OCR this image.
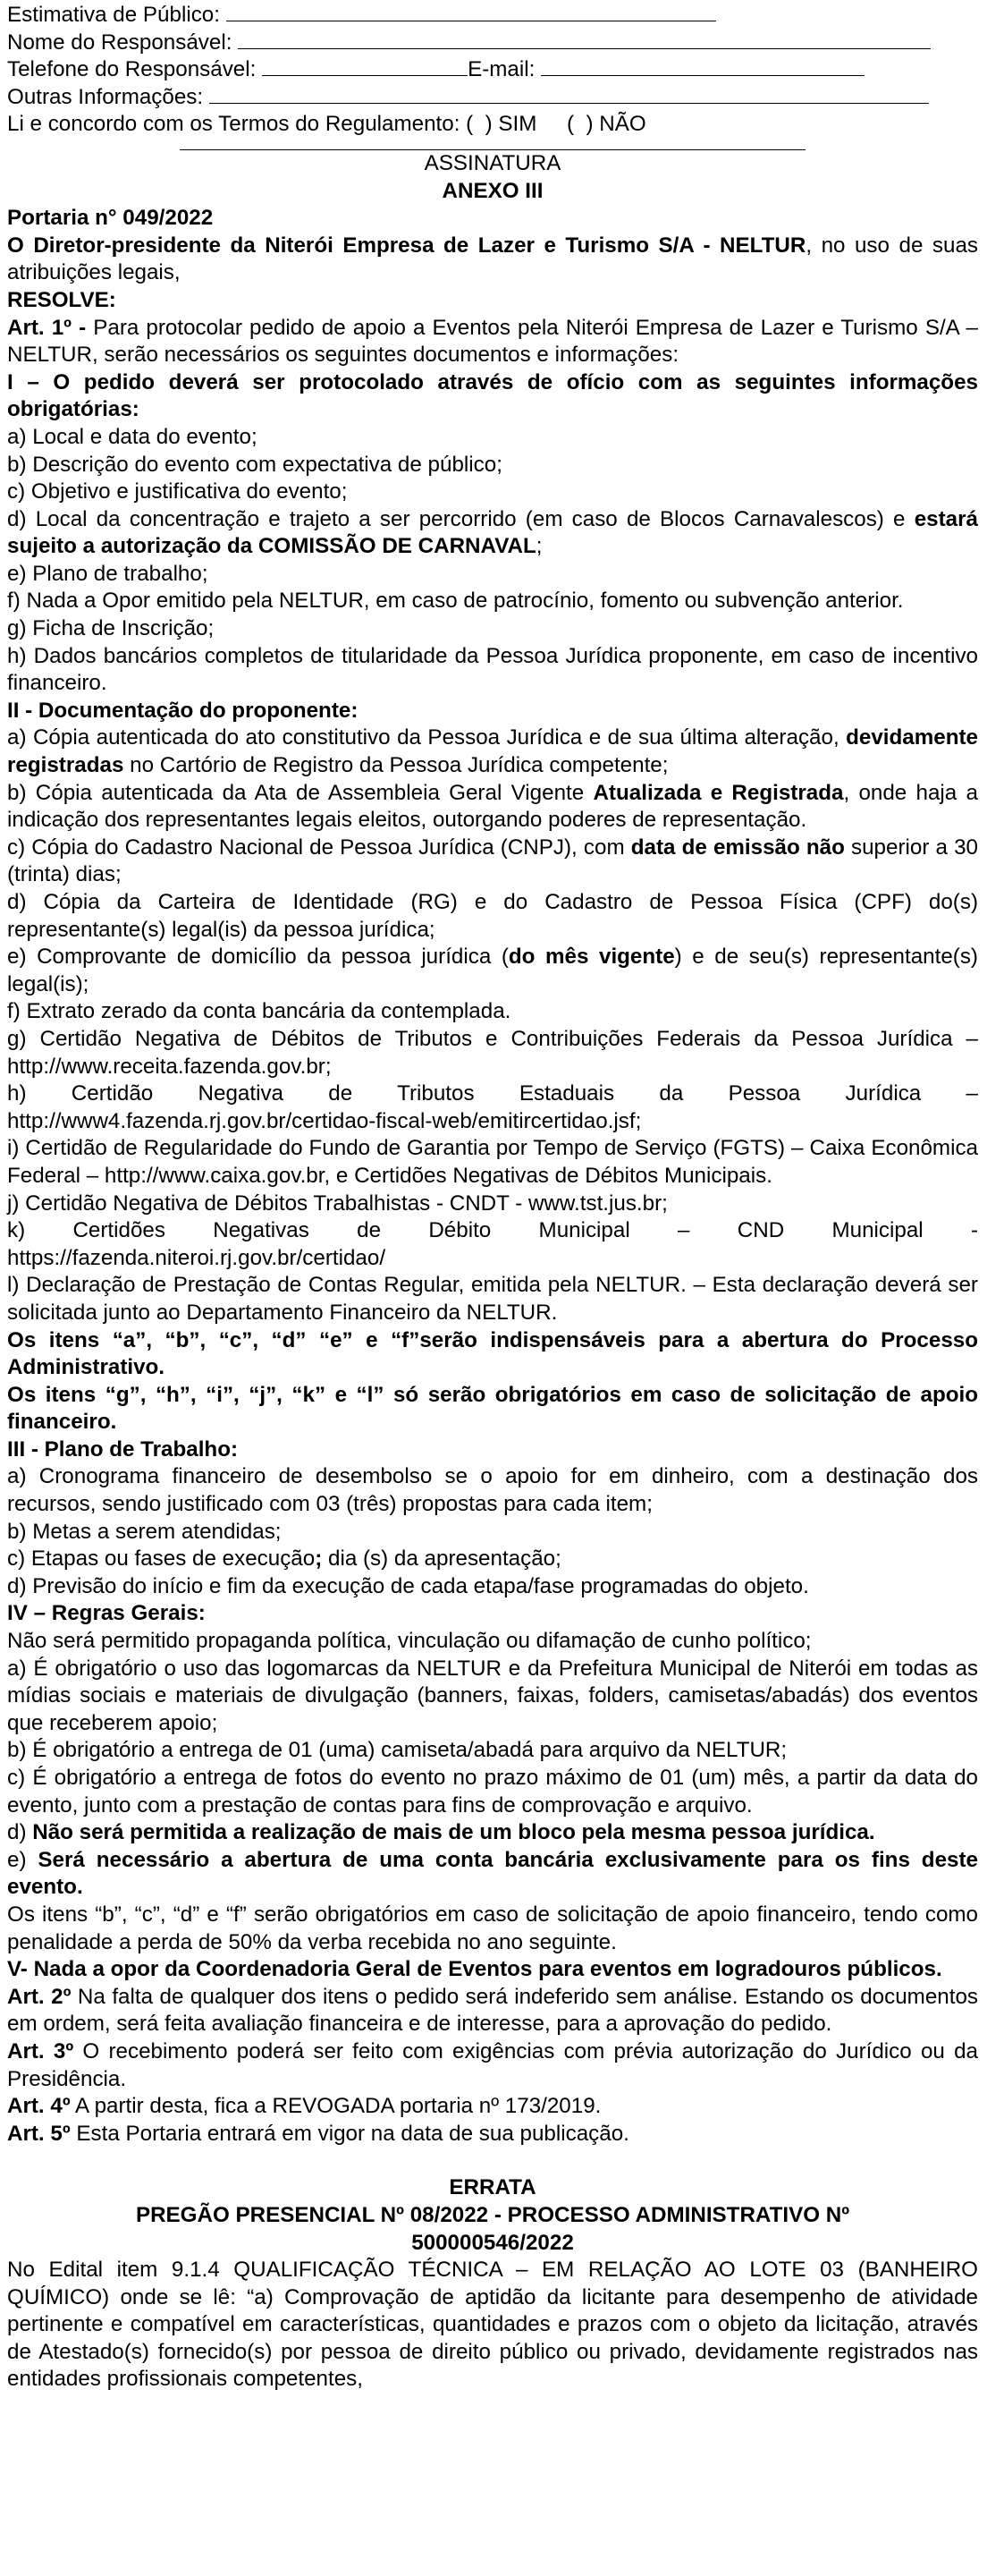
Estimativa de Público:
Nome do Responsável:
Telefone do Responsável:	E-mail:
Outras Informações:
Li e concordo com os Termos do Regulamento: (  ) SIM     (  ) NÃO
ASSINATURA
ANEXO III

Portaria n° 049/2022

O Diretor-presidente da Niterói Empresa de Lazer e Turismo S/A - NELTUR, no uso de suas atribuições legais,

RESOLVE:

Art. 1º - Para protocolar pedido de apoio a Eventos pela Niterói Empresa de Lazer e Turismo S/A – NELTUR, serão necessários os seguintes documentos e informações:

I – O pedido deverá ser protocolado através de ofício com as seguintes informações obrigatórias:

a) Local e data do evento;

b) Descrição do evento com expectativa de público;

c) Objetivo e justificativa do evento;

d) Local da concentração e trajeto a ser percorrido (em caso de Blocos Carnavalescos) e estará sujeito a autorização da COMISSÃO DE CARNAVAL;

e) Plano de trabalho;

f) Nada a Opor emitido pela NELTUR, em caso de patrocínio, fomento ou subvenção anterior.

g) Ficha de Inscrição;

h) Dados bancários completos de titularidade da Pessoa Jurídica proponente, em caso de incentivo financeiro.

II - Documentação do proponente:

a) Cópia autenticada do ato constitutivo da Pessoa Jurídica e de sua última alteração, devidamente registradas no Cartório de Registro da Pessoa Jurídica competente;

b) Cópia autenticada da Ata de Assembleia Geral Vigente Atualizada e Registrada, onde haja a indicação dos representantes legais eleitos, outorgando poderes de representação.

c) Cópia do Cadastro Nacional de Pessoa Jurídica (CNPJ), com data de emissão não superior a 30 (trinta) dias;

d) Cópia da Carteira de Identidade (RG) e do Cadastro de Pessoa Física (CPF) do(s) representante(s) legal(is) da pessoa jurídica;

e) Comprovante de domicílio da pessoa jurídica (do mês vigente) e de seu(s) representante(s) legal(is);

f) Extrato zerado da conta bancária da contemplada.

g) Certidão Negativa de Débitos de Tributos e Contribuições Federais da Pessoa Jurídica – http://www.receita.fazenda.gov.br;

h) Certidão Negativa de Tributos Estaduais da Pessoa Jurídica – http://www4.fazenda.rj.gov.br/certidao-fiscal-web/emitircertidao.jsf;

i) Certidão de Regularidade do Fundo de Garantia por Tempo de Serviço (FGTS) – Caixa Econômica Federal – http://www.caixa.gov.br, e Certidões Negativas de Débitos Municipais.

j) Certidão Negativa de Débitos Trabalhistas - CNDT - www.tst.jus.br;

k) Certidões Negativas de Débito Municipal – CND Municipal - https://fazenda.niteroi.rj.gov.br/certidao/

l) Declaração de Prestação de Contas Regular, emitida pela NELTUR. – Esta declaração deverá ser solicitada junto ao Departamento Financeiro da NELTUR.

Os itens “a”, “b”, “c”, “d” “e” e “f”serão indispensáveis para a abertura do Processo Administrativo.

Os itens “g”, “h”, “i”, “j”, “k” e “l” só serão obrigatórios em caso de solicitação de apoio financeiro.

III - Plano de Trabalho:

a) Cronograma financeiro de desembolso se o apoio for em dinheiro, com a destinação dos recursos, sendo justificado com 03 (três) propostas para cada item;

b) Metas a serem atendidas;

c) Etapas ou fases de execução; dia (s) da apresentação;

d) Previsão do início e fim da execução de cada etapa/fase programadas do objeto.

IV – Regras Gerais:

Não será permitido propaganda política, vinculação ou difamação de cunho político;

a) É obrigatório o uso das logomarcas da NELTUR e da Prefeitura Municipal de Niterói em todas as mídias sociais e materiais de divulgação (banners, faixas, folders, camisetas/abadás) dos eventos que receberem apoio;

b) É obrigatório a entrega de 01 (uma) camiseta/abadá para arquivo da NELTUR;

c) É obrigatório a entrega de fotos do evento no prazo máximo de 01 (um) mês, a partir da data do evento, junto com a prestação de contas para fins de comprovação e arquivo.

d) Não será permitida a realização de mais de um bloco pela mesma pessoa jurídica.

e) Será necessário a abertura de uma conta bancária exclusivamente para os fins deste evento.

Os itens “b”, “c”, “d” e “f” serão obrigatórios em caso de solicitação de apoio financeiro, tendo como penalidade a perda de 50% da verba recebida no ano seguinte.

V- Nada a opor da Coordenadoria Geral de Eventos para eventos em logradouros públicos.

Art. 2º Na falta de qualquer dos itens o pedido será indeferido sem análise. Estando os documentos em ordem, será feita avaliação financeira e de interesse, para a aprovação do pedido.

Art. 3º O recebimento poderá ser feito com exigências com prévia autorização do Jurídico ou da Presidência.

Art. 4º A partir desta, fica a REVOGADA portaria nº 173/2019.

Art. 5º Esta Portaria entrará em vigor na data de sua publicação.

ERRATA
PREGÃO PRESENCIAL Nº 08/2022 - PROCESSO ADMINISTRATIVO Nº 500000546/2022

No Edital item 9.1.4 QUALIFICAÇÃO TÉCNICA – EM RELAÇÃO AO LOTE 03 (BANHEIRO QUÍMICO) onde se lê: “a) Comprovação de aptidão da licitante para desempenho de atividade pertinente e compatível em características, quantidades e prazos com o objeto da licitação, através de Atestado(s) fornecido(s) por pessoa de direito público ou privado, devidamente registrados nas entidades profissionais competentes,
